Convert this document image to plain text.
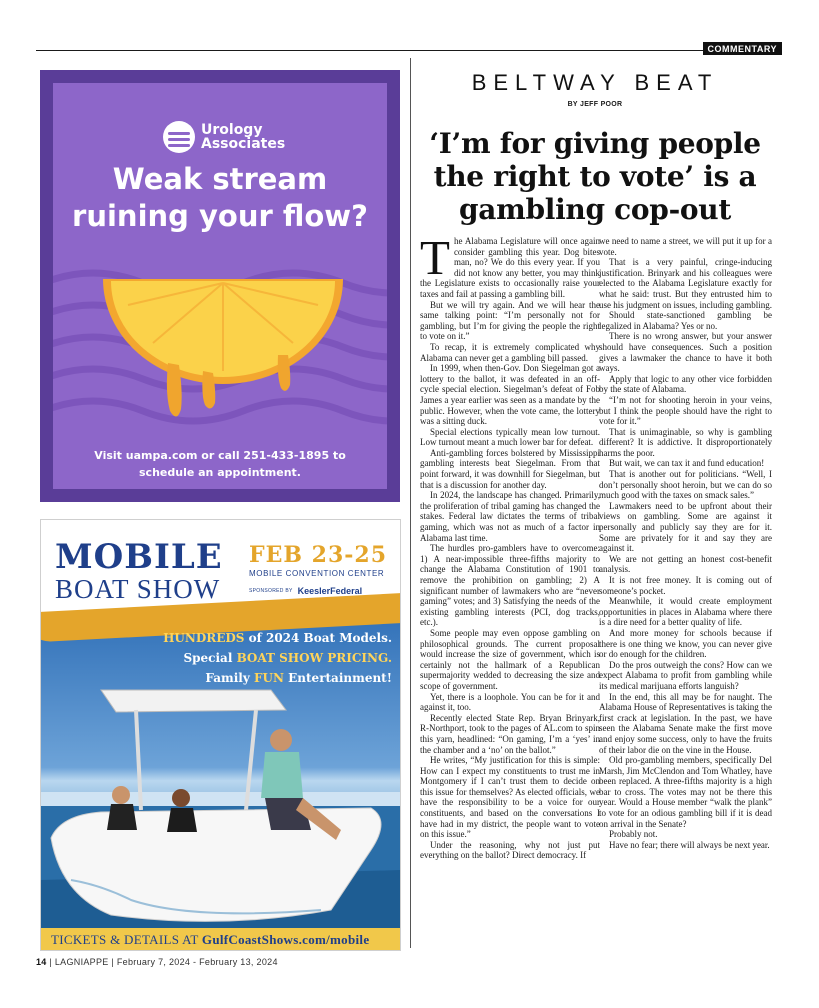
COMMENTARY
Urology
Associates
Weak stream
ruining your flow?
Visit uampa.com or call 251-433-1895 to
schedule an appointment.
MOBILE
BOAT SHOW
FEB 23-25
MOBILE CONVENTION CENTER
SPONSORED BY KeeslerFederal
HUNDREDS of 2024 Boat Models.
Special BOAT SHOW PRICING.
Family FUN Entertainment!
TICKETS & DETAILS AT GulfCoastShows.com/mobile
BELTWAY BEAT
BY JEFF POOR
‘I’m for giving people the right to vote’ is a gambling cop-out
T he Alabama Legislature will once again consider gambling this year. Dog bites man, no? We do this every year. If you did not know any better, you may think the Legislature exists to occasionally raise your taxes and fail at passing a gambling bill.

But we will try again. And we will hear the same talking point: “I’m personally not for gambling, but I’m for giving the people the right to vote on it.”

To recap, it is extremely complicated why Alabama can never get a gambling bill passed.

In 1999, when then-Gov. Don Siegelman got a lottery to the ballot, it was defeated in an off-cycle special election. Siegelman’s defeat of Fob James a year earlier was seen as a mandate by the public. However, when the vote came, the lottery was a sitting duck.

Special elections typically mean low turnout. Low turnout meant a much lower bar for defeat.

Anti-gambling forces bolstered by Mississippi gambling interests beat Siegelman. From that point forward, it was downhill for Siegelman, but that is a discussion for another day.

In 2024, the landscape has changed. Primarily, the proliferation of tribal gaming has changed the stakes. Federal law dictates the terms of tribal gaming, which was not as much of a factor in Alabama last time.

The hurdles pro-gamblers have to overcome: 1) A near-impossible three-fifths majority to change the Alabama Constitution of 1901 to remove the prohibition on gambling; 2) A significant number of lawmakers who are “never gaming” votes; and 3) Satisfying the needs of the existing gambling interests (PCI, dog tracks, etc.).

Some people may even oppose gambling on philosophical grounds. The current proposal would increase the size of government, which is certainly not the hallmark of a Republican supermajority wedded to decreasing the size and scope of government.

Yet, there is a loophole. You can be for it and against it, too.

Recently elected State Rep. Bryan Brinyark, R-Northport, took to the pages of AL.com to spin this yarn, headlined: “On gaming, I’m a ‘yes’ in the chamber and a ‘no’ on the ballot.”

He writes, “My justification for this is simple: How can I expect my constituents to trust me in Montgomery if I can’t trust them to decide on this issue for themselves? As elected officials, we have the responsibility to be a voice for our constituents, and based on the conversations I have had in my district, the people want to vote on this issue.”

Under the reasoning, why not just put everything on the ballot? Direct democracy. If

we need to name a street, we will put it up for a vote.

That is a very painful, cringe-inducing justification. Brinyark and his colleagues were elected to the Alabama Legislature exactly for what he said: trust. But they entrusted him to use his judgment on issues, including gambling.

Should state-sanctioned gambling be legalized in Alabama? Yes or no.

There is no wrong answer, but your answer should have consequences. Such a position gives a lawmaker the chance to have it both ways.

Apply that logic to any other vice forbidden by the state of Alabama.

“I’m not for shooting heroin in your veins, but I think the people should have the right to vote for it.”

That is unimaginable, so why is gambling different? It is addictive. It disproportionately harms the poor.

But wait, we can tax it and fund education!

That is another out for politicians. “Well, I don’t personally shoot heroin, but we can do so much good with the taxes on smack sales.”

Lawmakers need to be upfront about their views on gambling. Some are against it personally and publicly say they are for it. Some are privately for it and say they are against it.

We are not getting an honest cost-benefit analysis.

It is not free money. It is coming out of someone’s pocket.

Meanwhile, it would create employment opportunities in places in Alabama where there is a dire need for a better quality of life.

And more money for schools because if there is one thing we know, you can never give or do enough for the children.

Do the pros outweigh the cons? How can we expect Alabama to profit from gambling while its medical marijuana efforts languish?

In the end, this all may be for naught. The Alabama House of Representatives is taking the first crack at legislation. In the past, we have seen the Alabama Senate make the first move and enjoy some success, only to have the fruits of their labor die on the vine in the House.

Old pro-gambling members, specifically Del Marsh, Jim McClendon and Tom Whatley, have been replaced. A three-fifths majority is a high bar to cross. The votes may not be there this year. Would a House member “walk the plank” to vote for an odious gambling bill if it is dead on arrival in the Senate?

Probably not.

Have no fear; there will always be next year.

14 | LAGNIAPPE | February 7, 2024 - February 13, 2024
